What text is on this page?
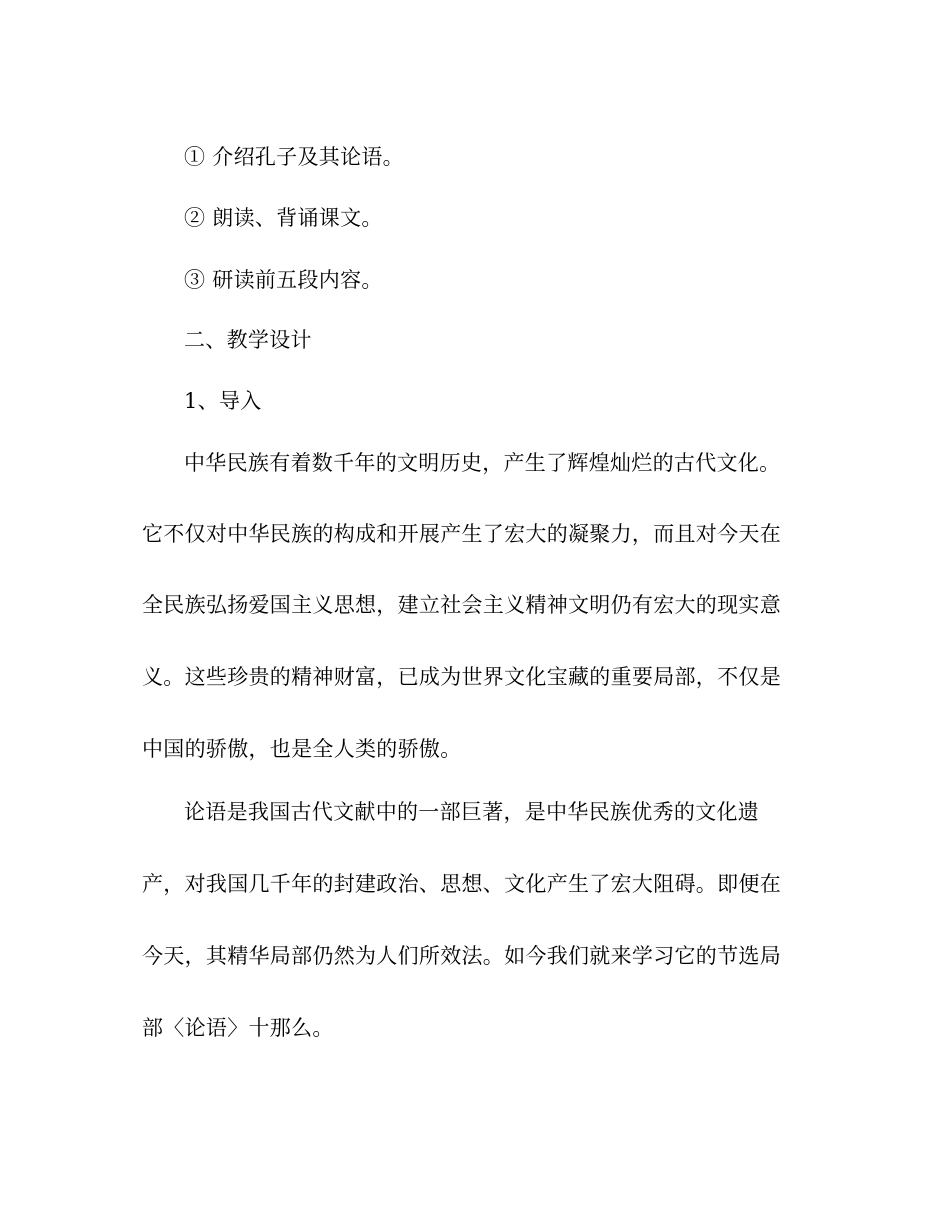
① 介绍孔子及其论语。
② 朗读、背诵课文。
③ 研读前五段内容。
二、教学设计
1、导入
中华民族有着数千年的文明历史，产生了辉煌灿烂的古代文化。
它不仅对中华民族的构成和开展产生了宏大的凝聚力，而且对今天在
全民族弘扬爱国主义思想，建立社会主义精神文明仍有宏大的现实意
义。这些珍贵的精神财富，已成为世界文化宝藏的重要局部，不仅是
中国的骄傲，也是全人类的骄傲。
论语是我国古代文献中的一部巨著，是中华民族优秀的文化遗
产，对我国几千年的封建政治、思想、文化产生了宏大阻碍。即便在
今天，其精华局部仍然为人们所效法。如今我们就来学习它的节选局
部〈论语〉十那么。
